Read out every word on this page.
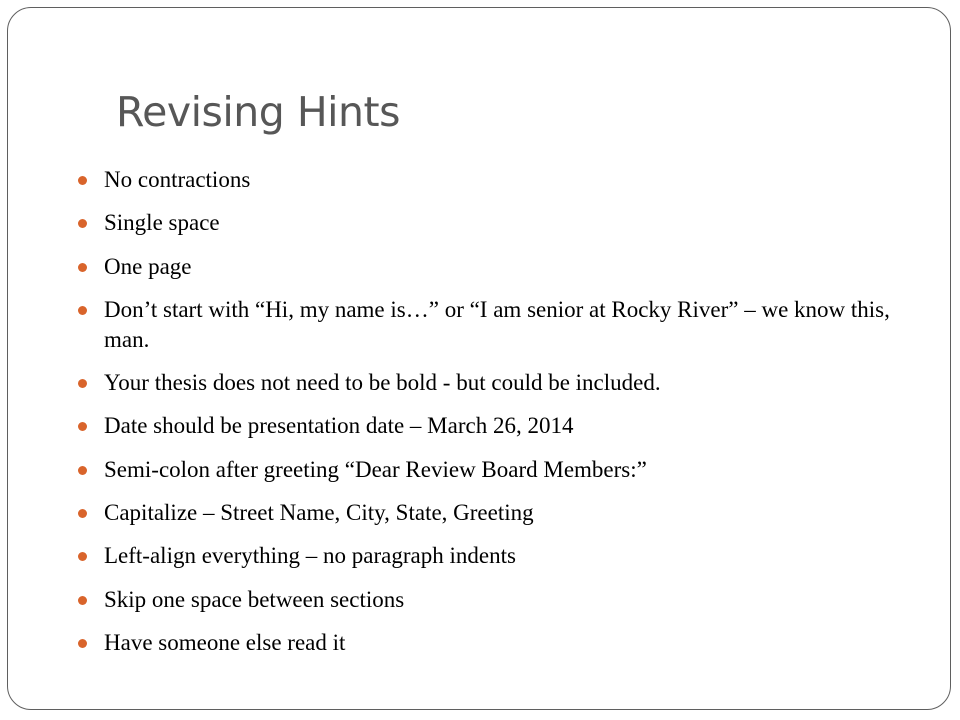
Revising Hints
No contractions
Single space
One page
Don’t start with “Hi, my name is…” or “I am senior at Rocky River” – we know this, man.
Your thesis does not need to be bold - but could be included.
Date should be presentation date – March 26, 2014
Semi-colon after greeting “Dear Review Board Members:”
Capitalize – Street Name, City, State, Greeting
Left-align everything – no paragraph indents
Skip one space between sections
Have someone else read it
